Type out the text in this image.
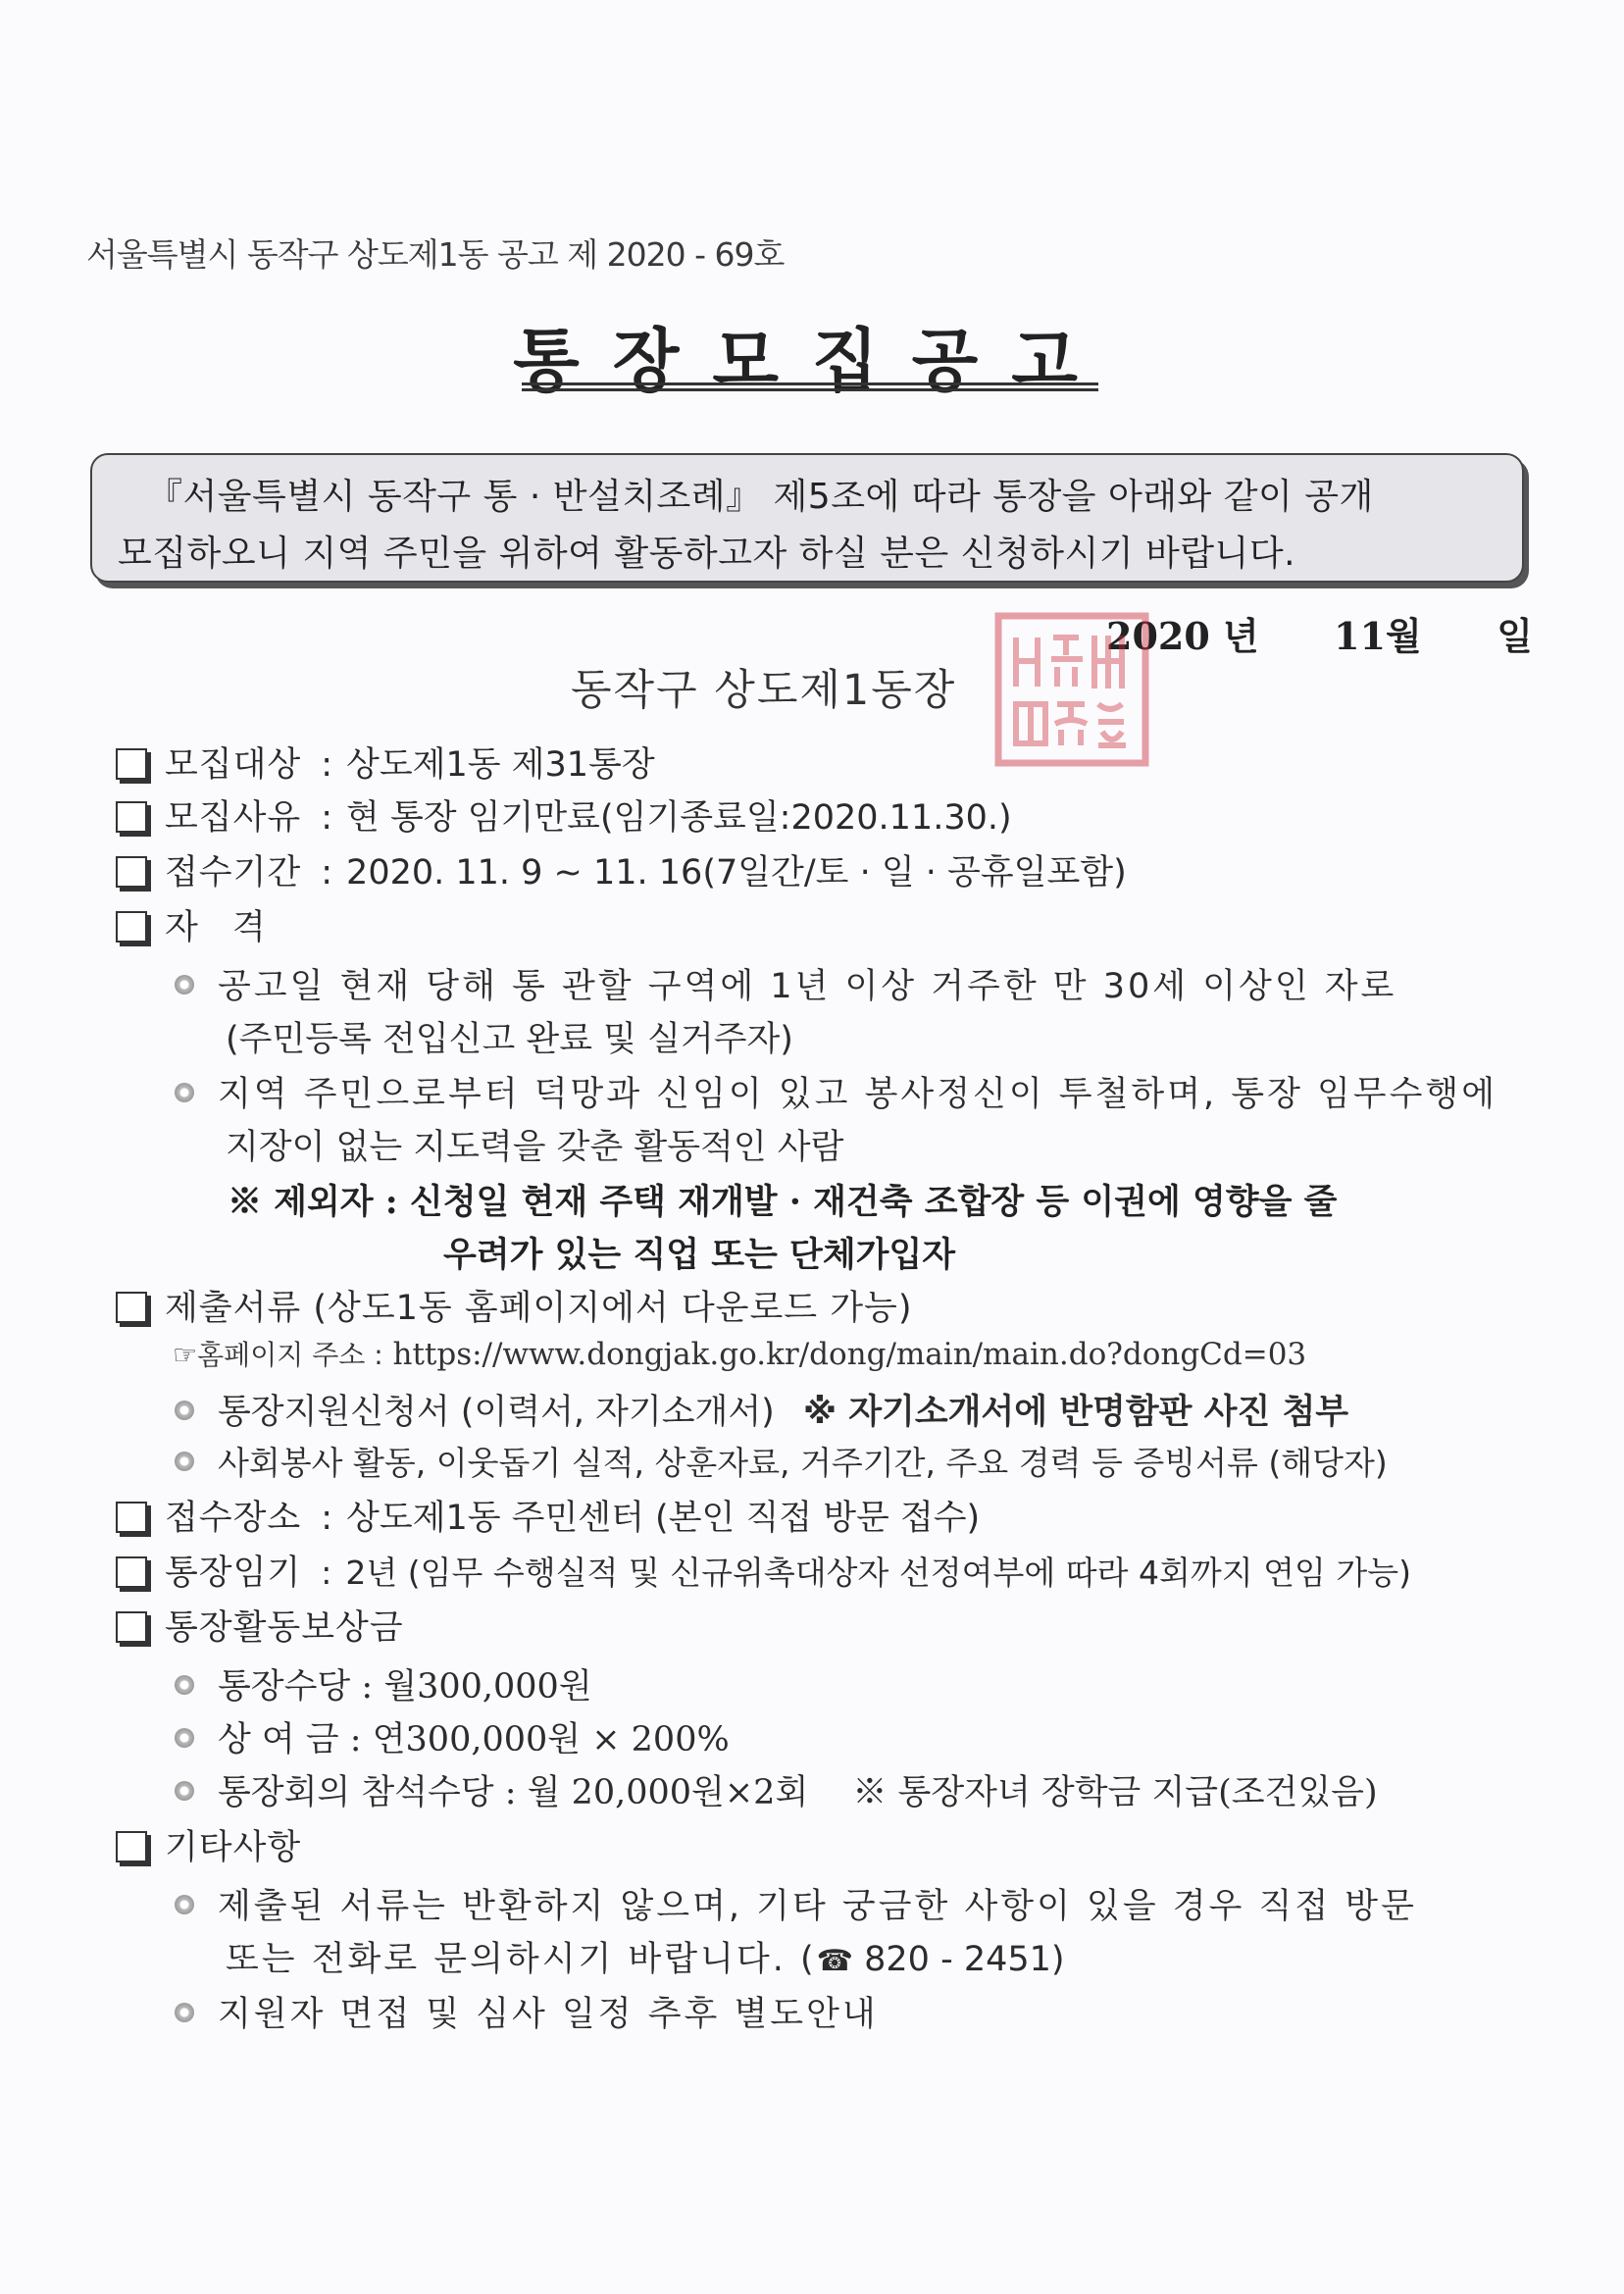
서울특별시 동작구 상도제1동 공고 제 2020 - 69호
통장모집공고
『서울특별시 동작구 통 · 반설치조례』 제5조에 따라 통장을 아래와 같이 공개
모집하오니 지역 주민을 위하여 활동하고자 하실 분은 신청하시기 바랍니다.
2020 년 11월 일
동작구 상도제1동장
모집대상 : 상도제1동 제31통장
모집사유 : 현 통장 임기만료(임기종료일:2020.11.30.)
접수기간 : 2020. 11. 9 ~ 11. 16(7일간/토 · 일 · 공휴일포함)
자 격
공고일 현재 당해 통 관할 구역에 1년 이상 거주한 만 30세 이상인 자로
(주민등록 전입신고 완료 및 실거주자)
지역 주민으로부터 덕망과 신임이 있고 봉사정신이 투철하며, 통장 임무수행에
지장이 없는 지도력을 갖춘 활동적인 사람
※ 제외자 : 신청일 현재 주택 재개발 · 재건축 조합장 등 이권에 영향을 줄
우려가 있는 직업 또는 단체가입자
제출서류 (상도1동 홈페이지에서 다운로드 가능)
☞홈페이지 주소 : https://www.dongjak.go.kr/dong/main/main.do?dongCd=03
통장지원신청서 (이력서, 자기소개서) ※ 자기소개서에 반명함판 사진 첨부
사회봉사 활동, 이웃돕기 실적, 상훈자료, 거주기간, 주요 경력 등 증빙서류 (해당자)
접수장소 : 상도제1동 주민센터 (본인 직접 방문 접수)
통장임기 : 2년 (임무 수행실적 및 신규위촉대상자 선정여부에 따라 4회까지 연임 가능)
통장활동보상금
통장수당 : 월300,000원
상 여 금 : 연300,000원 × 200%
통장회의 참석수당 : 월 20,000원×2회 ※ 통장자녀 장학금 지급(조건있음)
기타사항
제출된 서류는 반환하지 않으며, 기타 궁금한 사항이 있을 경우 직접 방문
또는 전화로 문의하시기 바랍니다. (☎ 820 - 2451)
지원자 면접 및 심사 일정 추후 별도안내
